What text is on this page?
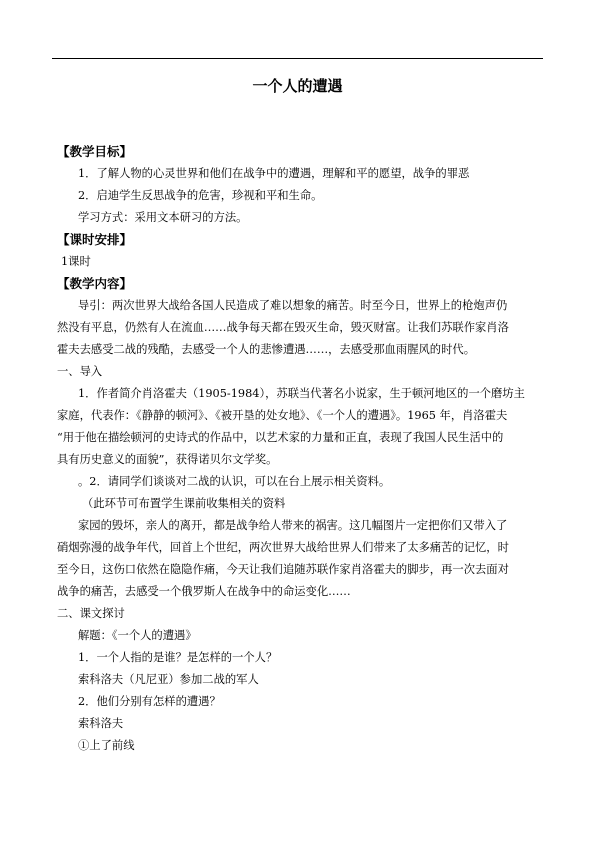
一个人的遭遇
【教学目标】
1．了解人物的心灵世界和他们在战争中的遭遇，理解和平的愿望，战争的罪恶
2．启迪学生反思战争的危害，珍视和平和生命。
学习方式：采用文本研习的方法。
【课时安排】
1课时
【教学内容】
导引：两次世界大战给各国人民造成了难以想象的痛苦。时至今日，世界上的枪炮声仍
然没有平息，仍然有人在流血……战争每天都在毁灭生命，毁灭财富。让我们苏联作家肖洛
霍夫去感受二战的残酷，去感受一个人的悲惨遭遇……，去感受那血雨腥风的时代。
一、导入
1．作者简介肖洛霍夫（1905-1984），苏联当代著名小说家，生于顿河地区的一个磨坊主
家庭，代表作：《静静的顿河》、《被开垦的处女地》、《一个人的遭遇》。1965 年，肖洛霍夫
“用于他在描绘顿河的史诗式的作品中，以艺术家的力量和正直，表现了我国人民生活中的
具有历史意义的面貌”，获得诺贝尔文学奖。
。2．请同学们谈谈对二战的认识，可以在台上展示相关资料。
（此环节可布置学生课前收集相关的资料
家园的毁坏，亲人的离开，都是战争给人带来的祸害。这几幅图片一定把你们又带入了
硝烟弥漫的战争年代，回首上个世纪，两次世界大战给世界人们带来了太多痛苦的记忆，时
至今日，这伤口依然在隐隐作痛，今天让我们追随苏联作家肖洛霍夫的脚步，再一次去面对
战争的痛苦，去感受一个俄罗斯人在战争中的命运变化……
二、课文探讨
解题：《一个人的遭遇》
1．一个人指的是谁？是怎样的一个人？
索科洛夫（凡尼亚）参加二战的军人
2．他们分别有怎样的遭遇？
索科洛夫
①上了前线
